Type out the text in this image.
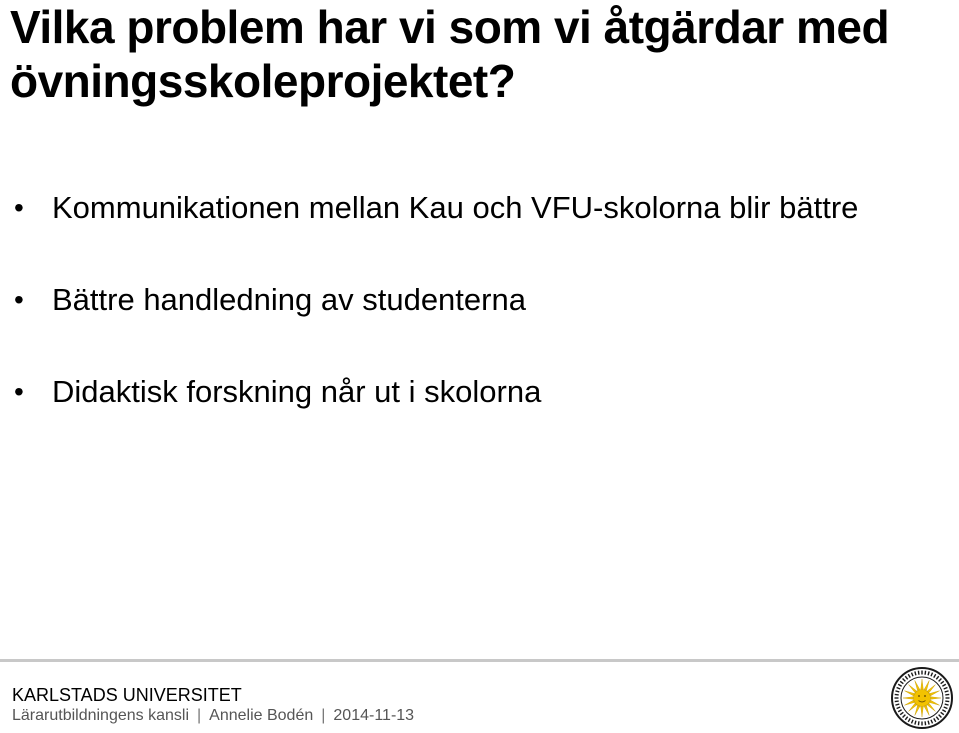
Vilka problem har vi som vi åtgärdar med övningsskoleprojektet?
• Kommunikationen mellan Kau och VFU-skolorna blir bättre
• Bättre handledning av studenterna
• Didaktisk forskning når ut i skolorna
KARLSTADS UNIVERSITET
Lärarutbildningens kansli | Annelie Bodén | 2014-11-13
